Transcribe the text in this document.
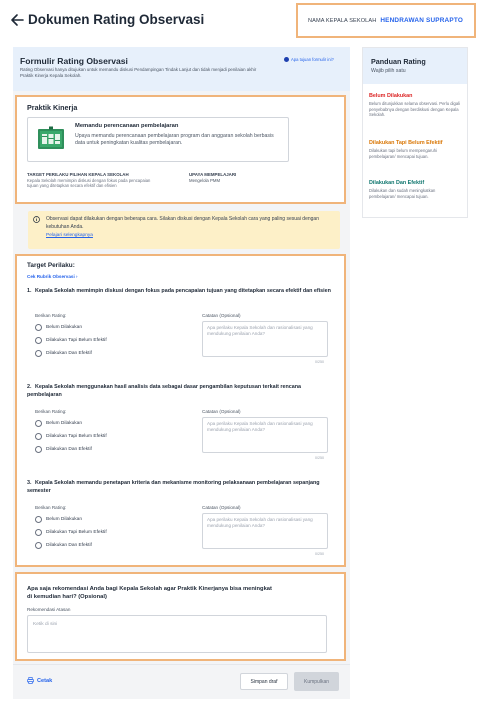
Dokumen Rating Observasi	NAMA KEPALA SEKOLAH HENDRAWAN SUPRAPTO
Formulir Rating Observasi
Rating Observasi hanya ditujukan untuk memandu diskusi Pendampingan Tindak Lanjut dan tidak menjadi penilaian akhir Praktik Kinerja Kepala Sekolah.
Apa tujuan formulir ini?
Praktik Kinerja
Memandu perencanaan pembelajaran
Upaya memandu perencanaan pembelajaran program dan anggaran sekolah berbasis data untuk peningkatan kualitas pembelajaran.
TARGET PERILAKU PILIHAN KEPALA SEKOLAH
Kepala Sekolah memimpin diskusi dengan fokus pada pencapaian tujuan yang ditetapkan secara efektif dan efisien
UPAYA MEMPELAJARI
Mengelola PMM
Observasi dapat dilakukan dengan beberapa cara. Silakan diskusi dengan Kepala Sekolah cara yang paling sesuai dengan kebutuhan Anda.
Pelajari selengkapnya
Target Perilaku:
Cek Rubrik Observasi ›
1. Kepala Sekolah memimpin diskusi dengan fokus pada pencapaian tujuan yang ditetapkan secara efektif dan efisien
Berikan Rating:
Belum Dilakukan
Dilakukan Tapi Belum Efektif
Dilakukan Dan Efektif
Catatan (Opsional)
Apa perilaku Kepala Sekolah dan rasionalisasi yang mendukung penilaian Anda?
0/250
2. Kepala Sekolah menggunakan hasil analisis data sebagai dasar pengambilan keputusan terkait rencana pembelajaran
Berikan Rating:
Belum Dilakukan
Dilakukan Tapi Belum Efektif
Dilakukan Dan Efektif
Catatan (Opsional)
Apa perilaku Kepala Sekolah dan rasionalisasi yang mendukung penilaian Anda?
0/250
3. Kepala Sekolah memandu penetapan kriteria dan mekanisme monitoring pelaksanaan pembelajaran sepanjang semester
Berikan Rating:
Belum Dilakukan
Dilakukan Tapi Belum Efektif
Dilakukan Dan Efektif
Catatan (Opsional)
Apa perilaku Kepala Sekolah dan rasionalisasi yang mendukung penilaian Anda?
0/250
Apa saja rekomendasi Anda bagi Kepala Sekolah agar Praktik Kinerjanya bisa meningkat di kemudian hari? (Opsional)
Rekomendasi Atasan
Ketik di sini
Cetak	Simpan draf	Kumpulkan
Panduan Rating
Wajib pilih satu
Belum Dilakukan
Belum ditunjukkan selama observasi. Perlu digali penyebabnya dengan berdiskusi dengan Kepala Sekolah.
Dilakukan Tapi Belum Efektif
Dilakukan tapi belum mempengaruhi pembelajaran/ mencapai tujuan.
Dilakukan Dan Efektif
Dilakukan dan sudah meningkatkan pembelajaran/ mencapai tujuan.
